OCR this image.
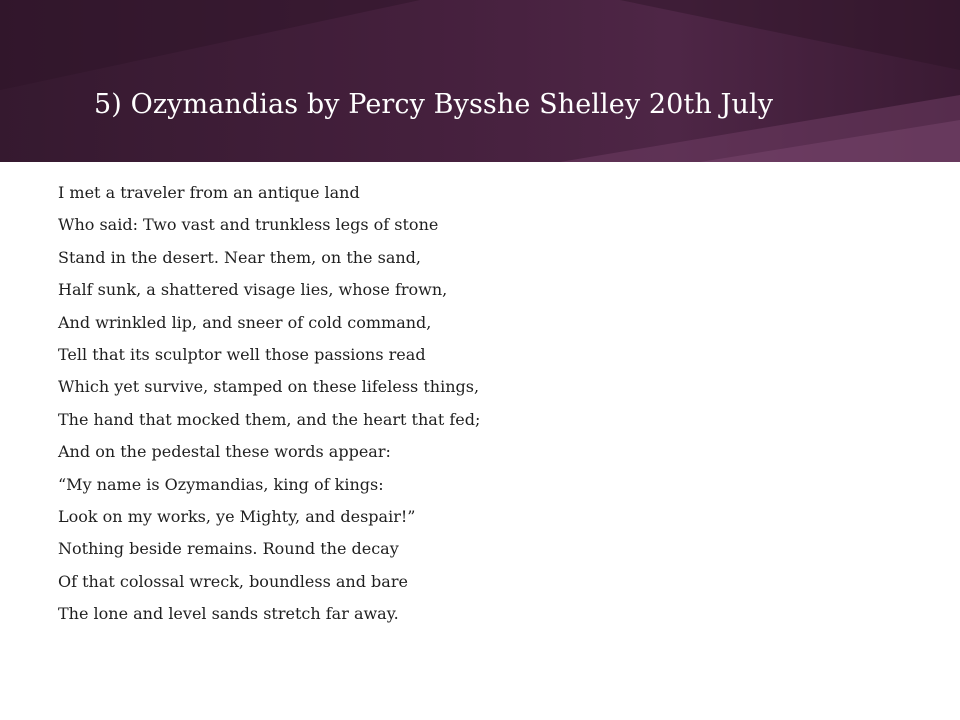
5) Ozymandias by Percy Bysshe Shelley 20th July
I met a traveler from an antique land
Who said: Two vast and trunkless legs of stone
Stand in the desert. Near them, on the sand,
Half sunk, a shattered visage lies, whose frown,
And wrinkled lip, and sneer of cold command,
Tell that its sculptor well those passions read
Which yet survive, stamped on these lifeless things,
The hand that mocked them, and the heart that fed;
And on the pedestal these words appear:
“My name is Ozymandias, king of kings:
Look on my works, ye Mighty, and despair!”
Nothing beside remains. Round the decay
Of that colossal wreck, boundless and bare
The lone and level sands stretch far away.
